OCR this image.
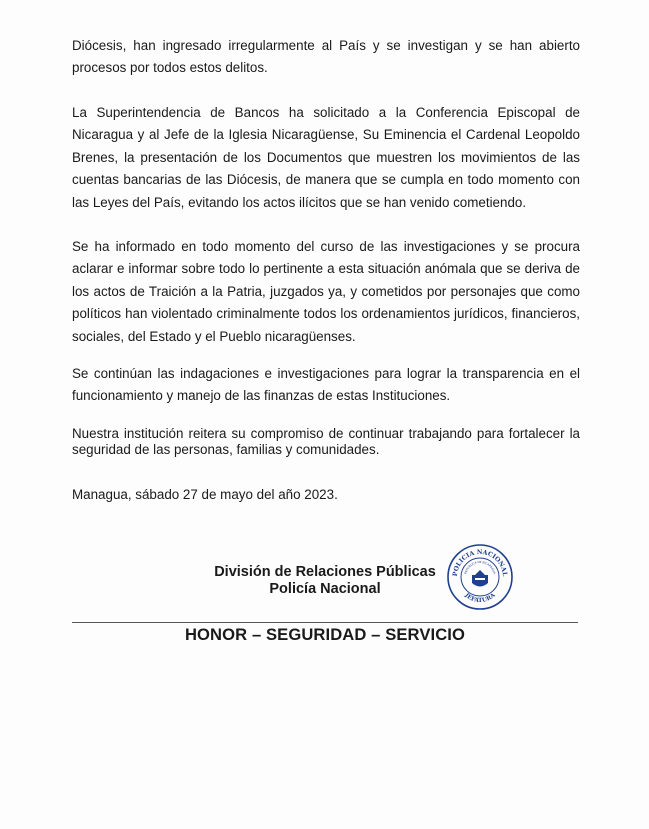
Diócesis, han ingresado irregularmente al País y se investigan y se han abierto procesos por todos estos delitos.

La Superintendencia de Bancos ha solicitado a la Conferencia Episcopal de Nicaragua y al Jefe de la Iglesia Nicaragüense, Su Eminencia el Cardenal Leopoldo Brenes, la presentación de los Documentos que muestren los movimientos de las cuentas bancarias de las Diócesis, de manera que se cumpla en todo momento con las Leyes del País, evitando los actos ilícitos que se han venido cometiendo.

Se ha informado en todo momento del curso de las investigaciones y se procura aclarar e informar sobre todo lo pertinente a esta situación anómala que se deriva de los actos de Traición a la Patria, juzgados ya, y cometidos por personajes que como políticos han violentado criminalmente todos los ordenamientos jurídicos, financieros, sociales, del Estado y el Pueblo nicaragüenses.

Se continúan las indagaciones e investigaciones para lograr la transparencia en el funcionamiento y manejo de las finanzas de estas Instituciones.

Nuestra institución reitera su compromiso de continuar trabajando para fortalecer la seguridad de las personas, familias y comunidades.

Managua, sábado 27 de mayo del año 2023.

División de Relaciones Públicas

Policía Nacional

POLICIA NACIONAL
JEFATURA
REPUBLICA DE NICARAGUA

HONOR – SEGURIDAD – SERVICIO
